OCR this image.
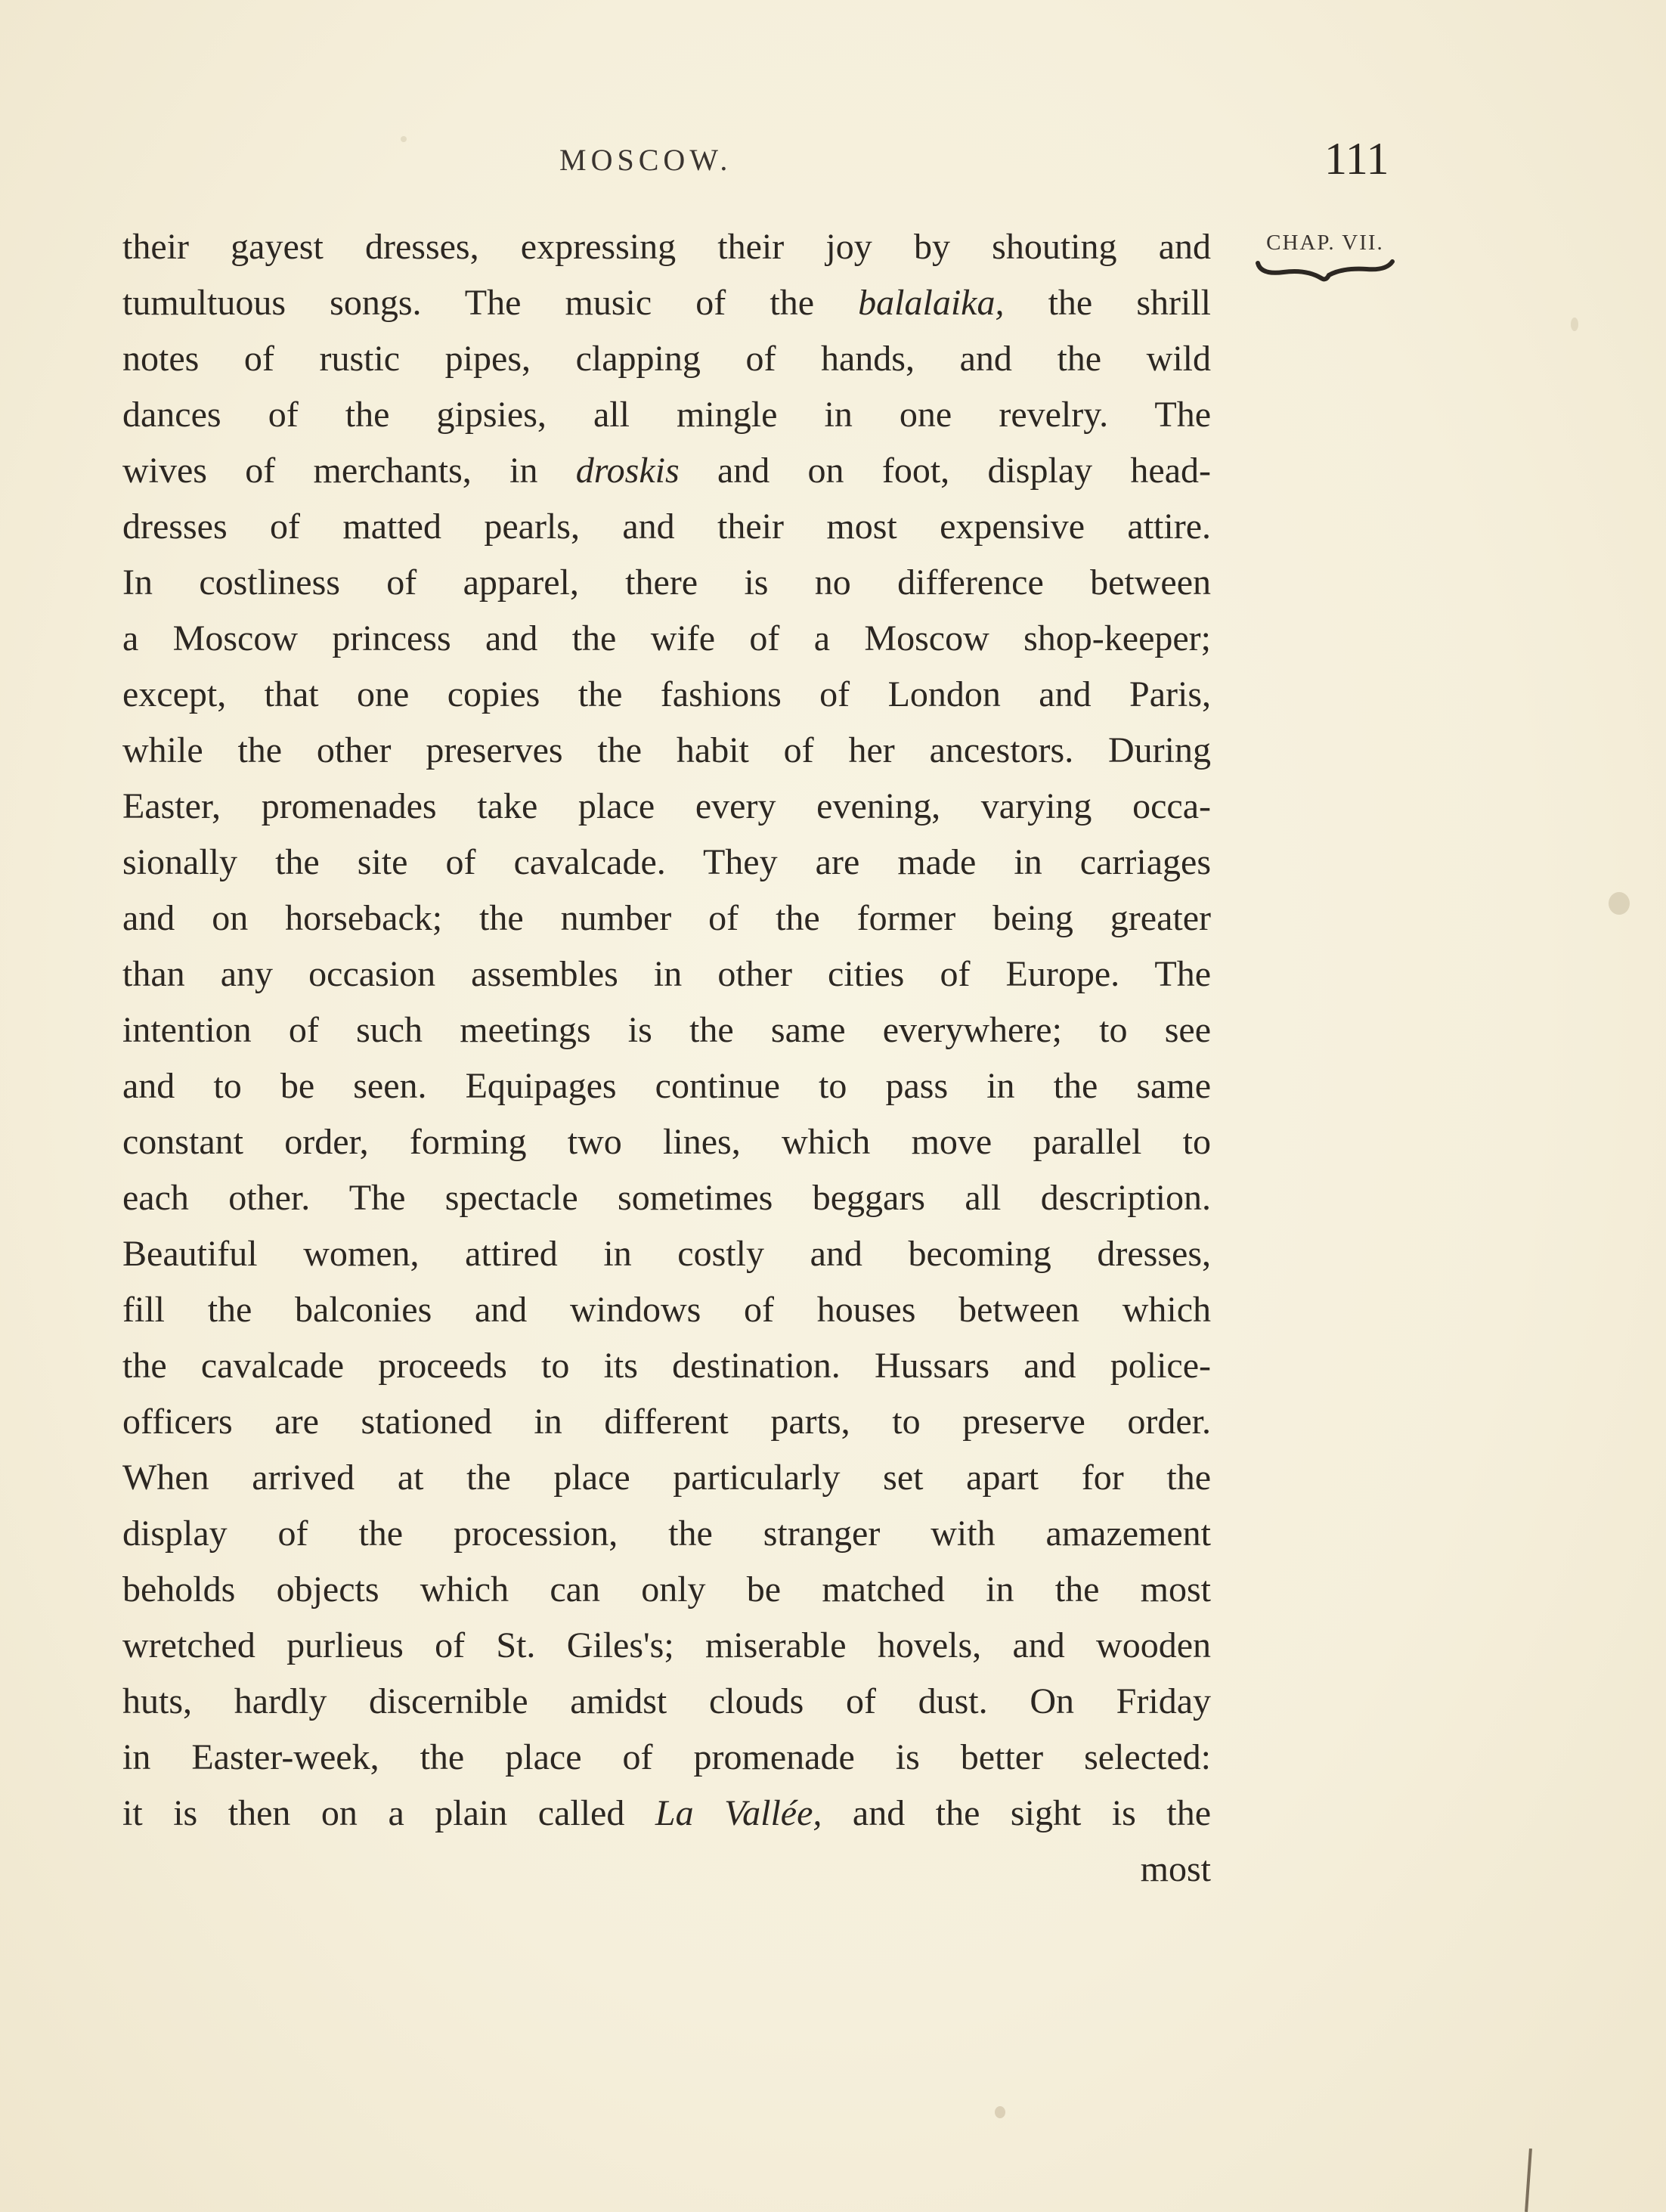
MOSCOW.	111
CHAP. VII.
their gayest dresses, expressing their joy by shouting and
tumultuous songs. The music of the balalaika, the shrill
notes of rustic pipes, clapping of hands, and the wild
dances of the gipsies, all mingle in one revelry. The
wives of merchants, in droskis and on foot, display head-
dresses of matted pearls, and their most expensive attire.
In costliness of apparel, there is no difference between
a Moscow princess and the wife of a Moscow shop-keeper;
except, that one copies the fashions of London and Paris,
while the other preserves the habit of her ancestors. During
Easter, promenades take place every evening, varying occa-
sionally the site of cavalcade. They are made in carriages
and on horseback; the number of the former being greater
than any occasion assembles in other cities of Europe. The
intention of such meetings is the same everywhere; to see
and to be seen. Equipages continue to pass in the same
constant order, forming two lines, which move parallel to
each other. The spectacle sometimes beggars all description.
Beautiful women, attired in costly and becoming dresses,
fill the balconies and windows of houses between which
the cavalcade proceeds to its destination. Hussars and police-
officers are stationed in different parts, to preserve order.
When arrived at the place particularly set apart for the
display of the procession, the stranger with amazement
beholds objects which can only be matched in the most
wretched purlieus of St. Giles's; miserable hovels, and wooden
huts, hardly discernible amidst clouds of dust. On Friday
in Easter-week, the place of promenade is better selected:
it is then on a plain called La Vallée, and the sight is the
most
